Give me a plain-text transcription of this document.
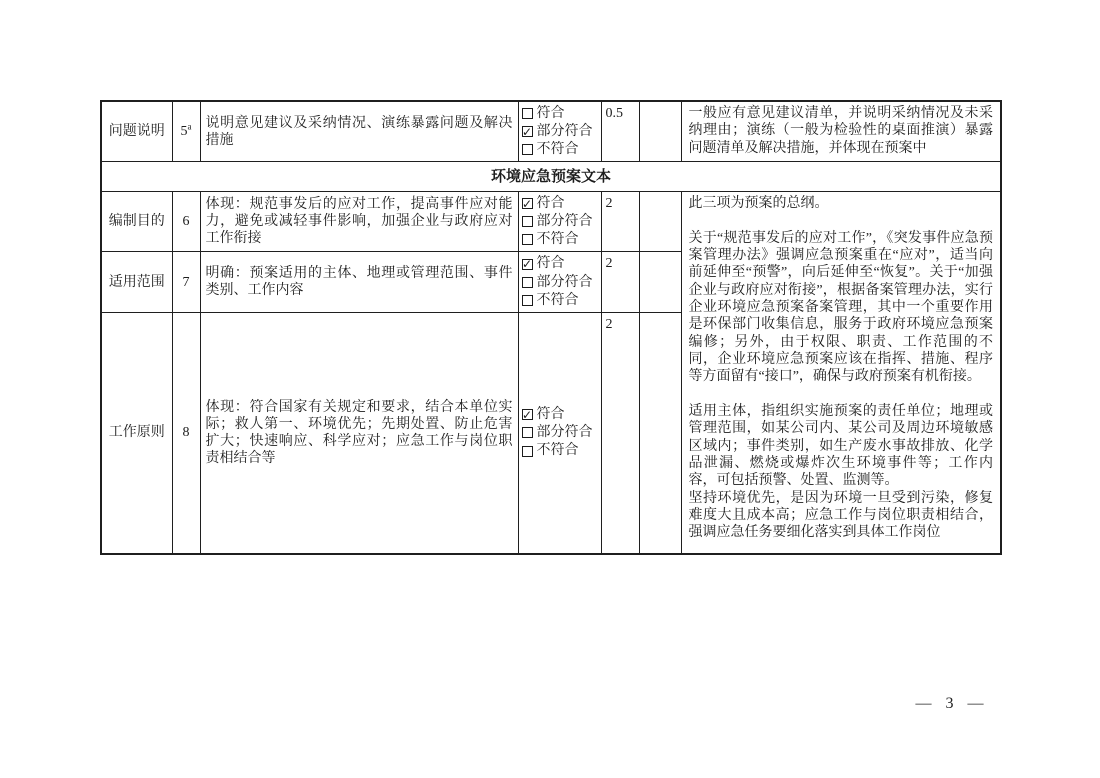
问题说明	5$^a$	说明意见建议及采纳情况、演练暴露问题及解决措施	符合
✓ 部分符合
不符合	0.5		一般应有意见建议清单，并说明采纳情况及未采纳理由；演练（一般为检验性的桌面推演）暴露问题清单及解决措施，并体现在预案中

环境应急预案文本						
编制目的	6	体现：规范事发后的应对工作，提高事件应对能力，避免或减轻事件影响，加强企业与政府应对工作衔接	
✓ 符合
部分符合
不符合
	2		此三项为预案的总纲。

关于“规范事发后的应对工作”，《突发事件应急预案管理办法》强调应急预案重在“应对”，适当向前延伸至“预警”，向后延伸至“恢复”。关于“加强企业与政府应对衔接”，根据备案管理办法，实行企业环境应急预案备案管理，其中一个重要作用是环保部门收集信息，服务于政府环境应急预案编修；另外，由于权限、职责、工作范围的不同，企业环境应急预案应该在指挥、措施、程序等方面留有“接口”，确保与政府预案有机衔接。

适用主体，指组织实施预案的责任单位；地理或管理范围，如某公司内、某公司及周边环境敏感区域内；事件类别，如生产废水事故排放、化学品泄漏、燃烧或爆炸次生环境事件等；工作内容，可包括预警、处置、监测等。

坚持环境优先，是因为环境一旦受到污染，修复难度大且成本高；应急工作与岗位职责相结合，强调应急任务要细化落实到具体工作岗位

适用范围	7	明确：预案适用的主体、地理或管理范围、事件类别、工作内容	✓ 符合
部分符合
不符合	2		
工作原则	8	体现：符合国家有关规定和要求，结合本单位实际；救人第一、环境优先；先期处置、防止危害扩大；快速响应、科学应对；应急工作与岗位职责相结合等	✓ 符合
部分符合
不符合	2		
— 3 —
